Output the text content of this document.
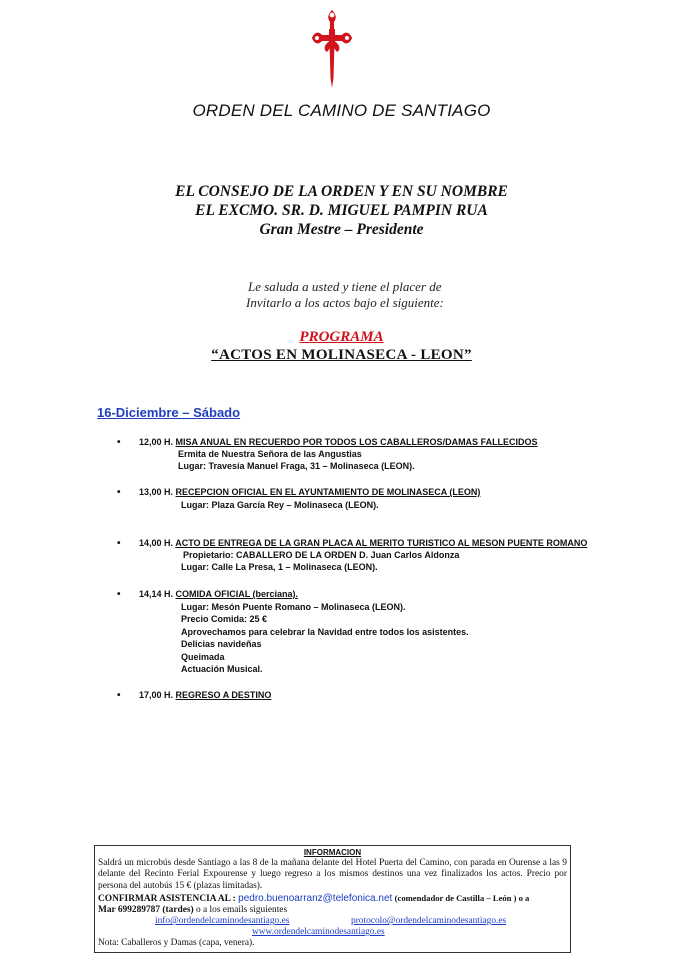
ORDEN DEL CAMINO DE SANTIAGO
EL CONSEJO DE LA ORDEN Y EN SU NOMBRE
EL EXCMO. SR. D. MIGUEL PAMPIN RUA
Gran Mestre – Presidente
Le saluda a usted y tiene el placer de
Invitarlo a los actos bajo el siguiente:
PROGRAMA
“ACTOS EN MOLINASECA - LEON”
16-Diciembre – Sábado
• 12,00 H. MISA ANUAL EN RECUERDO POR TODOS LOS CABALLEROS/DAMAS FALLECIDOS
Ermita de Nuestra Señora de las Angustias
Lugar: Travesía Manuel Fraga, 31 – Molinaseca (LEON).
• 13,00 H. RECEPCION OFICIAL EN EL AYUNTAMIENTO DE MOLINASECA (LEON)
Lugar: Plaza García Rey – Molinaseca (LEON).
• 14,00 H. ACTO DE ENTREGA DE LA GRAN PLACA AL MERITO TURISTICO AL MESON PUENTE ROMANO
Propietario: CABALLERO DE LA ORDEN D. Juan Carlos Aldonza
Lugar: Calle La Presa, 1 – Molinaseca (LEON).
• 14,14 H. COMIDA OFICIAL (berciana).
Lugar: Mesón Puente Romano – Molinaseca (LEON).
Precio Comida: 25 €
Aprovechamos para celebrar la Navidad entre todos los asistentes.
Delicias navideñas
Queimada
Actuación Musical.
• 17,00 H. REGRESO A DESTINO
INFORMACION
Saldrá un microbús desde Santiago a las 8 de la mañana delante del Hotel Puerta del Camino, con parada en Ourense a las 9 delante del Recinto Ferial Expourense y luego regreso a los mismos destinos una vez finalizados los actos. Precio por persona del autobús 15 € (plazas limitadas).
CONFIRMAR ASISTENCIA AL : pedro.buenoarranz@telefonica.net (comendador de Castilla – León ) o a
Mar 699289787 (tardes) o a los emails siguientes
info@ordendelcaminodesantiago.es	protocolo@ordendelcaminodesantiago.es
www.ordendelcaminodesantiago.es
Nota: Caballeros y Damas (capa, venera).
